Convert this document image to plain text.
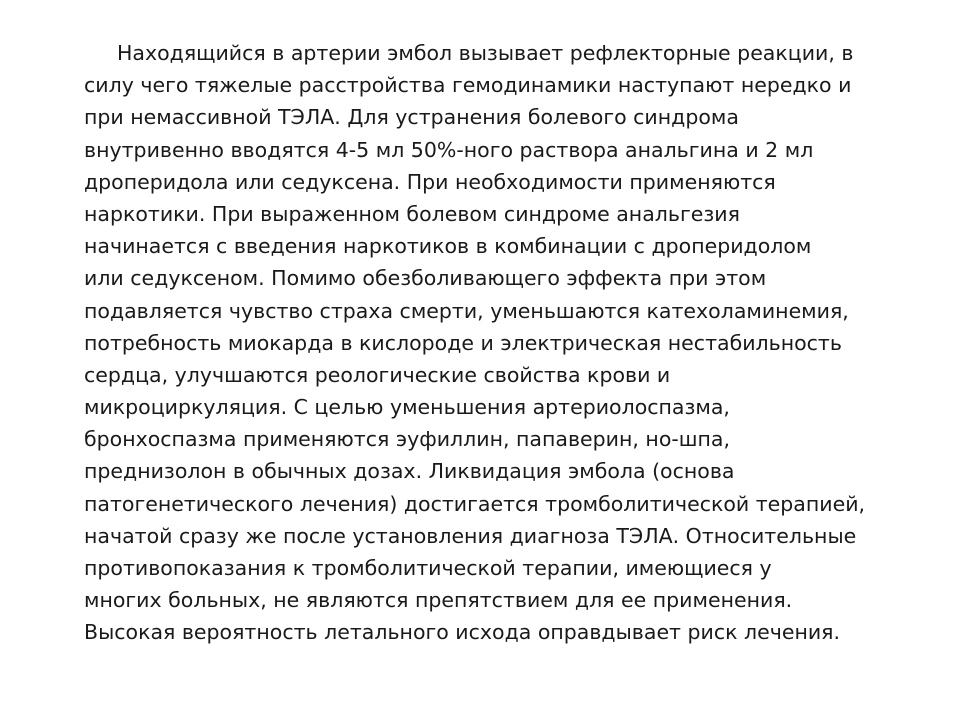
Находящийся в артерии эмбол вызывает рефлекторные реакции, в
силу чего тяжелые расстройства гемодинамики наступают нередко и
при немассивной ТЭЛА. Для устранения болевого синдрома
внутривенно вводятся 4-5 мл 50%-ного раствора анальгина и 2 мл
дроперидола или седуксена. При необходимости применяются
наркотики. При выраженном болевом синдроме анальгезия
начинается с введения наркотиков в комбинации с дроперидолом
или седуксеном. Помимо обезболивающего эффекта при этом
подавляется чувство страха смерти, уменьшаются катехоламинемия,
потребность миокарда в кислороде и электрическая нестабильность
сердца, улучшаются реологические свойства крови и
микроциркуляция. С целью уменьшения артериолоспазма,
бронхоспазма применяются эуфиллин, папаверин, но-шпа,
преднизолон в обычных дозах. Ликвидация эмбола (основа
патогенетического лечения) достигается тромболитической терапией,
начатой сразу же после установления диагноза ТЭЛА. Относительные
противопоказания к тромболитической терапии, имеющиеся у
многих больных, не являются препятствием для ее применения.
Высокая вероятность летального исхода оправдывает риск лечения.
